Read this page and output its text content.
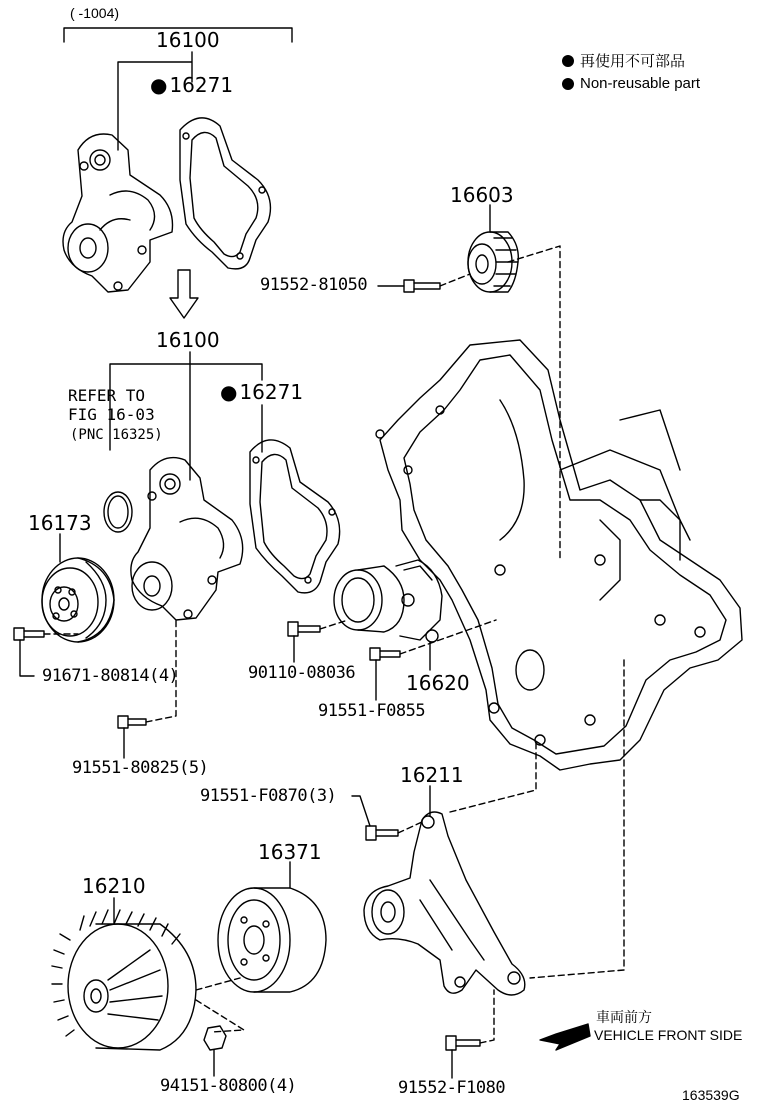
( -1004)
再使用不可部品
Non-reusable part
16100
● 16271
16603
91552-81050
16100
● 16271
REFER TO
FIG 16-03
(PNC 16325)
16173
91671-80814(4)	90110-08036	16620
91551-F0855
91551-80825(5)	16211
91551-F0870(3)
16371
16210
94151-80800(4)	91552-F1080
車両前方
VEHICLE FRONT SIDE
163539G
